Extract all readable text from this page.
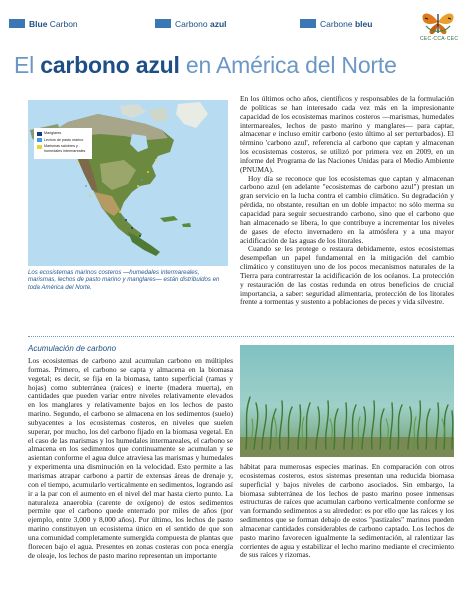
Blue Carbon	Carbono azul	Carbone bleu
CEC·CCA·CEC
El carbono azul en América del Norte
Manglares
Lechos de pasto marino
Marismas salobres y humedales intermareales
Los ecosistemas marinos costeros —humedales intermareales, marismas, lechos de pasto marino y manglares— están distribuidos en toda América del Norte.

En los últimos ocho años, científicos y responsables de la formulación de políticas se han interesado cada vez más en la impresionante capacidad de los ecosistemas marinos costeros —marismas, humedales intermareales, lechos de pasto marino y manglares— para captar, almacenar e incluso emitir carbono (esto último al ser perturbados). El término 'carbono azul', referencia al carbono que captan y almacenan los ecosistemas costeros, se utilizó por primera vez en 2009, en un informe del Programa de las Naciones Unidas para el Medio Ambiente (PNUMA).

Hoy día se reconoce que los ecosistemas que captan y almacenan carbono azul (en adelante "ecosistemas de carbono azul") prestan un gran servicio en la lucha contra el cambio climático. Su degradación y pérdida, no obstante, resultan en un doble impacto: no sólo merma su capacidad para seguir secuestrando carbono, sino que el carbono que han almacenado se libera, lo que contribuye a incrementar los niveles de gases de efecto invernadero en la atmósfera y a una mayor acidificación de las aguas de los litorales.

Cuando se les protege o restaura debidamente, estos ecosistemas desempeñan un papel fundamental en la mitigación del cambio climático y constituyen uno de los pocos mecanismos naturales de la Tierra para contrarrestar la acidificación de los océanos. La protección y restauración de las costas redunda en otros beneficios de crucial importancia, a saber: seguridad alimentaria, protección de los litorales frente a tormentas y sustento a poblaciones de peces y vida silvestre.

Acumulación de carbono

Los ecosistemas de carbono azul acumulan carbono en múltiples formas. Primero, el carbono se capta y almacena en la biomasa vegetal; es decir, se fija en la biomasa, tanto superficial (ramas y hojas) como subterránea (raíces) e inerte (madera muerta), en cantidades que pueden variar entre niveles relativamente elevados en los manglares y relativamente bajos en los lechos de pasto marino. Segundo, el carbono se almacena en los sedimentos (suelo) subyacentes a los ecosistemas costeros, en niveles que suelen superar, por mucho, los del carbono fijado en la biomasa vegetal. En el caso de las marismas y los humedales intermareales, el carbono se almacena en los sedimentos que continuamente se acumulan y se asientan conforme el agua dulce atraviesa las marismas y humedales y experimenta una disminución en la velocidad. Esto permite a las marismas atrapar carbono a partir de extensas áreas de drenaje y, con el tiempo, acumularlo verticalmente en sedimentos, logrando así ir a la par con el aumento en el nivel del mar hasta cierto punto. La naturaleza anaerobia (carente de oxígeno) de estos sedimentos permite que el carbono quede enterrado por miles de años (por ejemplo, entre 3,000 y 8,000 años). Por último, los lechos de pasto marino constituyen un ecosistema único en el sentido de que son una comunidad completamente sumergida compuesta de plantas que florecen bajo el agua. Presentes en zonas costeras con poca energía de oleaje, los lechos de pasto marino representan un importante

hábitat para numerosas especies marinas. En comparación con otros ecosistemas costeros, estos sistemas presentan una reducida biomasa superficial y bajos niveles de carbono asociados. Sin embargo, la biomasa subterránea de los lechos de pasto marino posee inmensas estructuras de raíces que acumulan carbono verticalmente conforme se van formando sedimentos a su alrededor: es por ello que las raíces y los sedimentos que se forman debajo de estos "pastizales" marinos pueden almacenar cantidades considerables de carbono captado. Los lechos de pasto marino favorecen igualmente la sedimentación, al ralentizar las corrientes de agua y estabilizar el lecho marino mediante el crecimiento de sus raíces y rizomas.
